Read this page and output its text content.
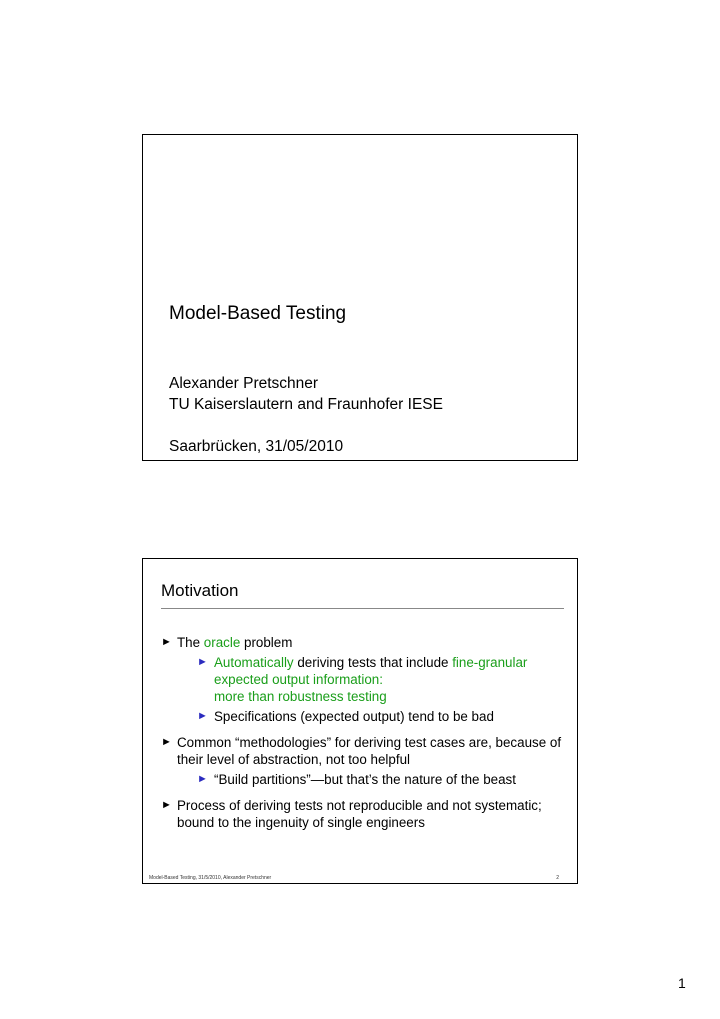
Model-Based Testing
Alexander Pretschner
TU Kaiserslautern and Fraunhofer IESE
Saarbrücken, 31/05/2010
Motivation
► The oracle problem
► Automatically deriving tests that include fine-granular expected output information:
more than robustness testing
► Specifications (expected output) tend to be bad
► Common “methodologies” for deriving test cases are, because of their level of abstraction, not too helpful
► “Build partitions”—but that’s the nature of the beast
► Process of deriving tests not reproducible and not systematic; bound to the ingenuity of single engineers
Model-Based Testing, 31/5/2010, Alexander Pretschner	2
1
